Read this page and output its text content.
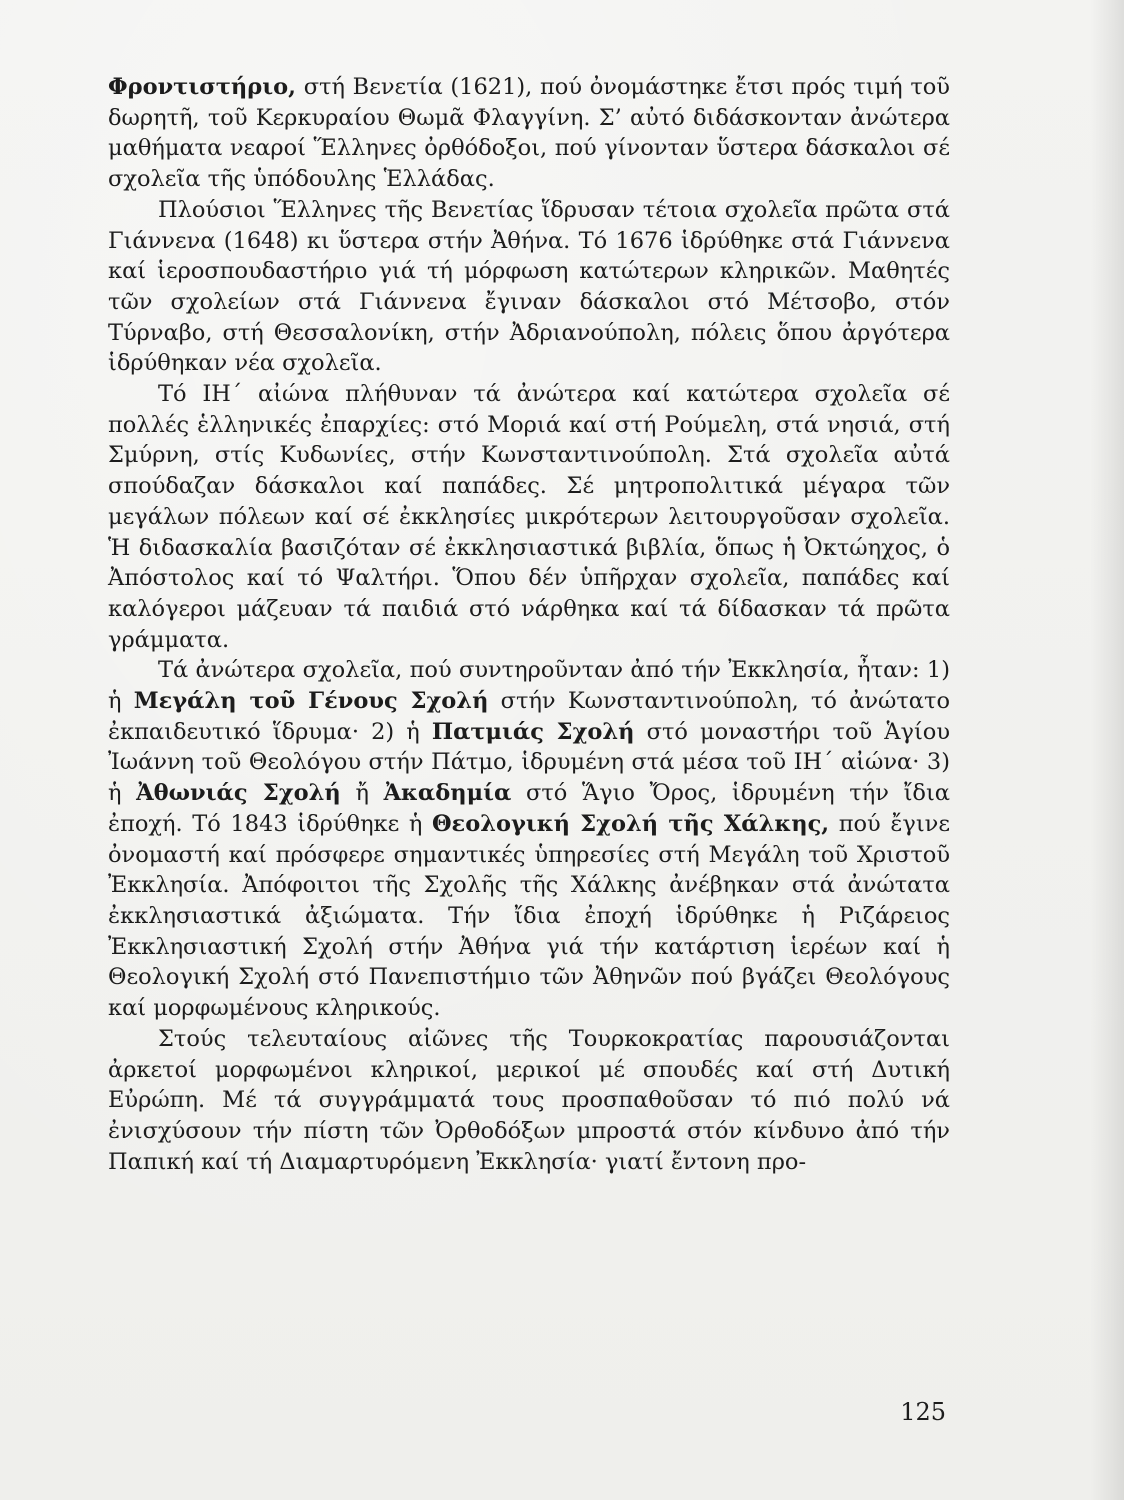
Φροντιστήριο, στή Βενετία (1621), πού ὀνομάστηκε ἔτσι πρός τιμή τοῦ δωρητῆ, τοῦ Κερκυραίου Θωμᾶ Φλαγγίνη. Σ’ αὐτό διδάσκονταν ἀνώτερα μαθήματα νεαροί Ἕλληνες ὀρθόδοξοι, πού γίνονταν ὕστερα δάσκαλοι σέ σχολεῖα τῆς ὑπόδουλης Ἑλλάδας.

Πλούσιοι Ἕλληνες τῆς Βενετίας ἵδρυσαν τέτοια σχολεῖα πρῶτα στά Γιάννενα (1648) κι ὕστερα στήν Ἀθήνα. Τό 1676 ἱδρύθηκε στά Γιάννενα καί ἱεροσπουδαστήριο γιά τή μόρφωση κατώτερων κληρικῶν. Μαθητές τῶν σχολείων στά Γιάννενα ἔγιναν δάσκαλοι στό Μέτσοβο, στόν Τύρναβο, στή Θεσσαλονίκη, στήν Ἀδριανούπολη, πόλεις ὅπου ἀργότερα ἱδρύθηκαν νέα σχολεῖα.

Τό ΙΗ΄ αἰώνα πλήθυναν τά ἀνώτερα καί κατώτερα σχολεῖα σέ πολλές ἑλληνικές ἐπαρχίες: στό Μοριά καί στή Ρούμελη, στά νησιά, στή Σμύρνη, στίς Κυδωνίες, στήν Κωνσταντινούπολη. Στά σχολεῖα αὐτά σπούδαζαν δάσκαλοι καί παπάδες. Σέ μητροπολιτικά μέγαρα τῶν μεγάλων πόλεων καί σέ ἐκκλησίες μικρότερων λειτουργοῦσαν σχολεῖα. Ἡ διδασκαλία βασιζόταν σέ ἐκκλησιαστικά βιβλία, ὅπως ἡ Ὀκτώηχος, ὁ Ἀπόστολος καί τό Ψαλτήρι. Ὅπου δέν ὑπῆρχαν σχολεῖα, παπάδες καί καλόγεροι μάζευαν τά παιδιά στό νάρθηκα καί τά δίδασκαν τά πρῶτα γράμματα.

Τά ἀνώτερα σχολεῖα, πού συντηροῦνταν ἀπό τήν Ἐκκλησία, ἦταν: 1) ἡ Μεγάλη τοῦ Γένους Σχολή στήν Κωνσταντινούπολη, τό ἀνώτατο ἐκπαιδευτικό ἵδρυμα· 2) ἡ Πατμιάς Σχολή στό μοναστήρι τοῦ Ἁγίου Ἰωάννη τοῦ Θεολόγου στήν Πάτμο, ἱδρυμένη στά μέσα τοῦ ΙΗ΄ αἰώνα· 3) ἡ Ἀθωνιάς Σχολή ἤ Ἀκαδημία στό Ἅγιο Ὄρος, ἱδρυμένη τήν ἴδια ἐποχή. Τό 1843 ἱδρύθηκε ἡ Θεολογική Σχολή τῆς Χάλκης, πού ἔγινε ὀνομαστή καί πρόσφερε σημαντικές ὑπηρεσίες στή Μεγάλη τοῦ Χριστοῦ Ἐκκλησία. Ἀπόφοιτοι τῆς Σχολῆς τῆς Χάλκης ἀνέβηκαν στά ἀνώτατα ἐκκλησιαστικά ἀξιώματα. Τήν ἴδια ἐποχή ἱδρύθηκε ἡ Ριζάρειος Ἐκκλησιαστική Σχολή στήν Ἀθήνα γιά τήν κατάρτιση ἱερέων καί ἡ Θεολογική Σχολή στό Πανεπιστήμιο τῶν Ἀθηνῶν πού βγάζει Θεολόγους καί μορφωμένους κληρικούς.

Στούς τελευταίους αἰῶνες τῆς Τουρκοκρατίας παρουσιάζονται ἀρκετοί μορφωμένοι κληρικοί, μερικοί μέ σπουδές καί στή Δυτική Εὐρώπη. Μέ τά συγγράμματά τους προσπαθοῦσαν τό πιό πολύ νά ἐνισχύσουν τήν πίστη τῶν Ὀρθοδόξων μπροστά στόν κίνδυνο ἀπό τήν Παπική καί τή Διαμαρτυρόμενη Ἐκκλησία· γιατί ἔντονη προ-

125
